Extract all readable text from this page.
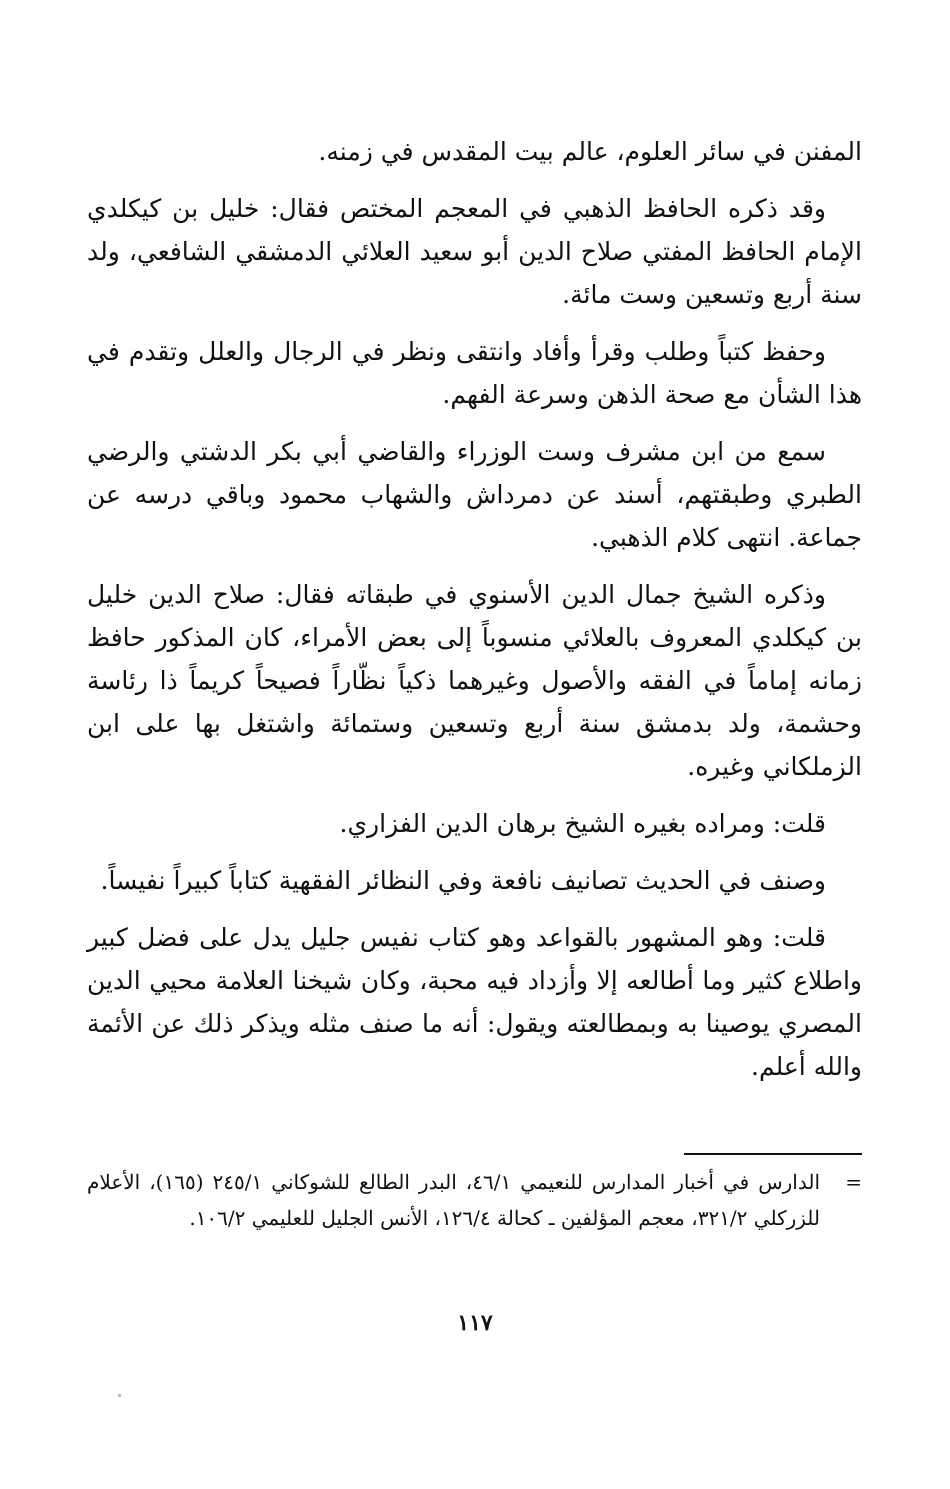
المفنن في سائر العلوم، عالم بيت المقدس في زمنه.

وقد ذكره الحافظ الذهبي في المعجم المختص فقال: خليل بن كيكلدي الإمام الحافظ المفتي صلاح الدين أبو سعيد العلائي الدمشقي الشافعي، ولد سنة أربع وتسعين وست مائة.

وحفظ كتباً وطلب وقرأ وأفاد وانتقى ونظر في الرجال والعلل وتقدم في هذا الشأن مع صحة الذهن وسرعة الفهم.

سمع من ابن مشرف وست الوزراء والقاضي أبي بكر الدشتي والرضي الطبري وطبقتهم، أسند عن دمرداش والشهاب محمود وباقي درسه عن جماعة. انتهى كلام الذهبي.

وذكره الشيخ جمال الدين الأسنوي في طبقاته فقال: صلاح الدين خليل بن كيكلدي المعروف بالعلائي منسوباً إلى بعض الأمراء، كان المذكور حافظ زمانه إماماً في الفقه والأصول وغيرهما ذكياً نظّاراً فصيحاً كريماً ذا رئاسة وحشمة، ولد بدمشق سنة أربع وتسعين وستمائة واشتغل بها على ابن الزملكاني وغيره.

قلت: ومراده بغيره الشيخ برهان الدين الفزاري.

وصنف في الحديث تصانيف نافعة وفي النظائر الفقهية كتاباً كبيراً نفيساً.

قلت: وهو المشهور بالقواعد وهو كتاب نفيس جليل يدل على فضل كبير واطلاع كثير وما أطالعه إلا وأزداد فيه محبة، وكان شيخنا العلامة محيي الدين المصري يوصينا به وبمطالعته ويقول: أنه ما صنف مثله ويذكر ذلك عن الأئمة والله أعلم.

=
الدارس في أخبار المدارس للنعيمي ٤٦/١، البدر الطالع للشوكاني ٢٤٥/١ (١٦٥)، الأعلام للزركلي ٣٢١/٢، معجم المؤلفين ـ كحالة ١٢٦/٤، الأنس الجليل للعليمي ١٠٦/٢.

١١٧
